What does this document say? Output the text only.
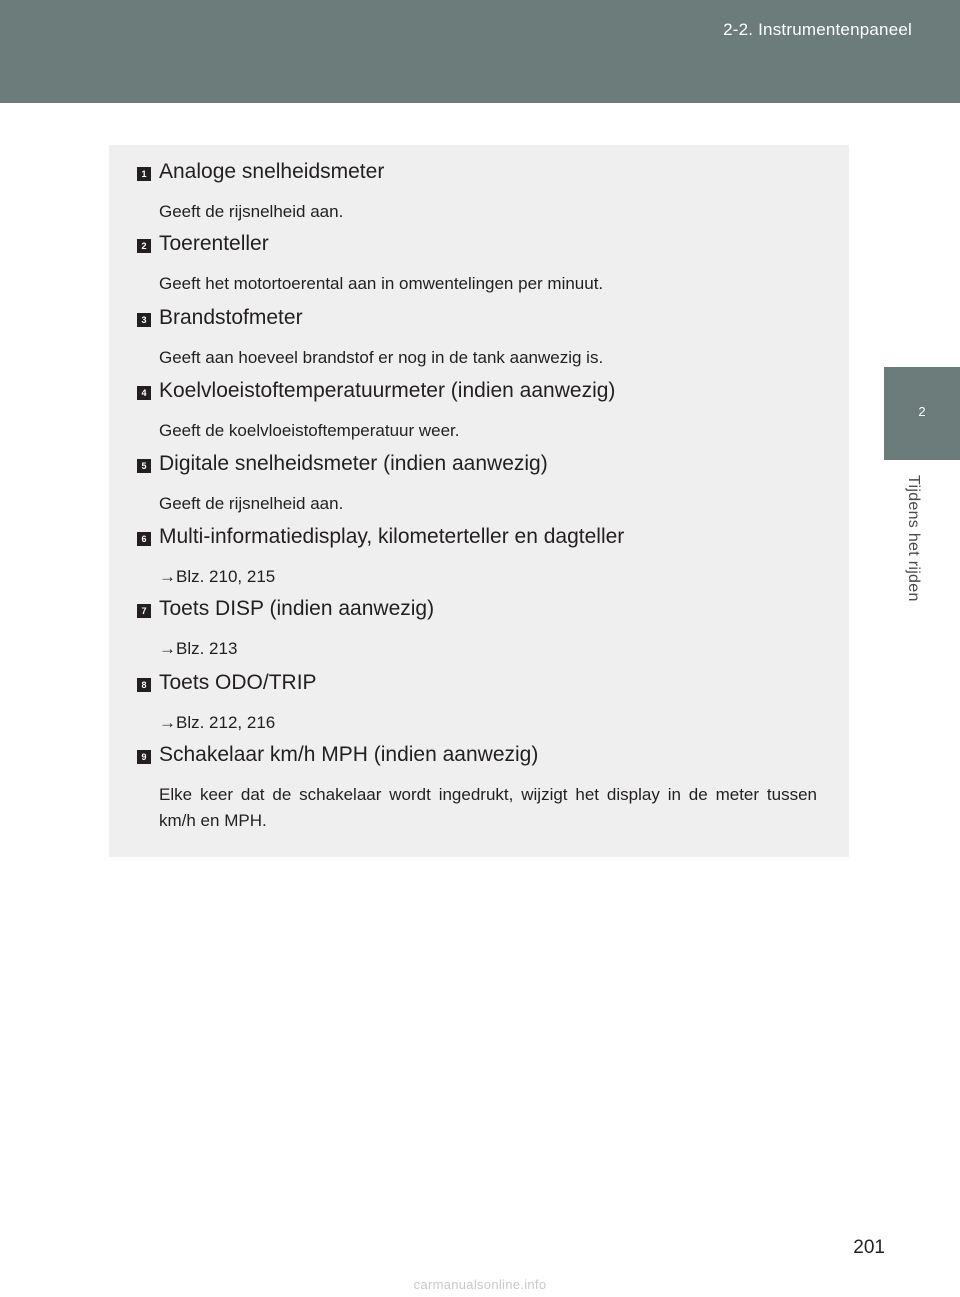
2-2. Instrumentenpaneel
2
Tijdens het rijden
1 Analoge snelheidsmeter
Geeft de rijsnelheid aan.
2 Toerenteller
Geeft het motortoerental aan in omwentelingen per minuut.
3 Brandstofmeter
Geeft aan hoeveel brandstof er nog in de tank aanwezig is.
4 Koelvloeistoftemperatuurmeter (indien aanwezig)
Geeft de koelvloeistoftemperatuur weer.
5 Digitale snelheidsmeter (indien aanwezig)
Geeft de rijsnelheid aan.
6 Multi-informatiedisplay, kilometerteller en dagteller
→Blz. 210, 215
7 Toets DISP (indien aanwezig)
→Blz. 213
8 Toets ODO/TRIP
→Blz. 212, 216
9 Schakelaar km/h MPH (indien aanwezig)
Elke keer dat de schakelaar wordt ingedrukt, wijzigt het display in de meter tussen km/h en MPH.
201
carmanualsonline.info
